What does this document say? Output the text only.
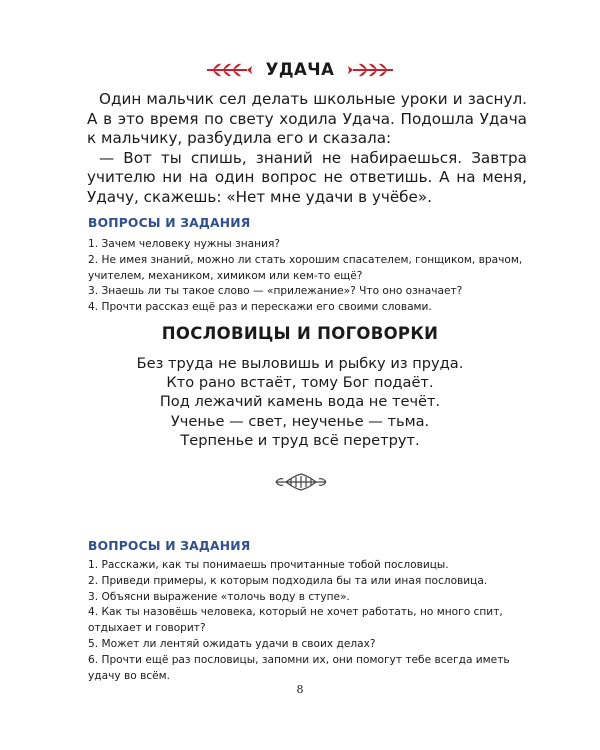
УДАЧА

Один мальчик сел делать школьные уроки и заснул. А в это время по свету ходила Удача. Подошла Удача к мальчику, разбудила его и сказала:

— Вот ты спишь, знаний не набираешься. Завтра учителю ни на один вопрос не ответишь. А на меня, Удачу, скажешь: «Нет мне удачи в учёбе».

ВОПРОСЫ И ЗАДАНИЯ
1. Зачем человеку нужны знания?
2. Не имея знаний, можно ли стать хорошим спасателем, гонщиком, врачом, учителем, механиком, химиком или кем-то ещё?
3. Знаешь ли ты такое слово — «прилежание»? Что оно означает?
4. Прочти рассказ ещё раз и перескажи его своими словами.
ПОСЛОВИЦЫ И ПОГОВОРКИ
Без труда не выловишь и рыбку из пруда.
Кто рано встаёт, тому Бог подаёт.
Под лежачий камень вода не течёт.
Ученье — свет, неученье — тьма.
Терпенье и труд всё перетрут.
ВОПРОСЫ И ЗАДАНИЯ
1. Расскажи, как ты понимаешь прочитанные тобой пословицы.
2. Приведи примеры, к которым подходила бы та или иная пословица.
3. Объясни выражение «толочь воду в ступе».
4. Как ты назовёшь человека, который не хочет работать, но много спит, отдыхает и говорит?
5. Может ли лентяй ожидать удачи в своих делах?
6. Прочти ещё раз пословицы, запомни их, они помогут тебе всегда иметь удачу во всём.
8
